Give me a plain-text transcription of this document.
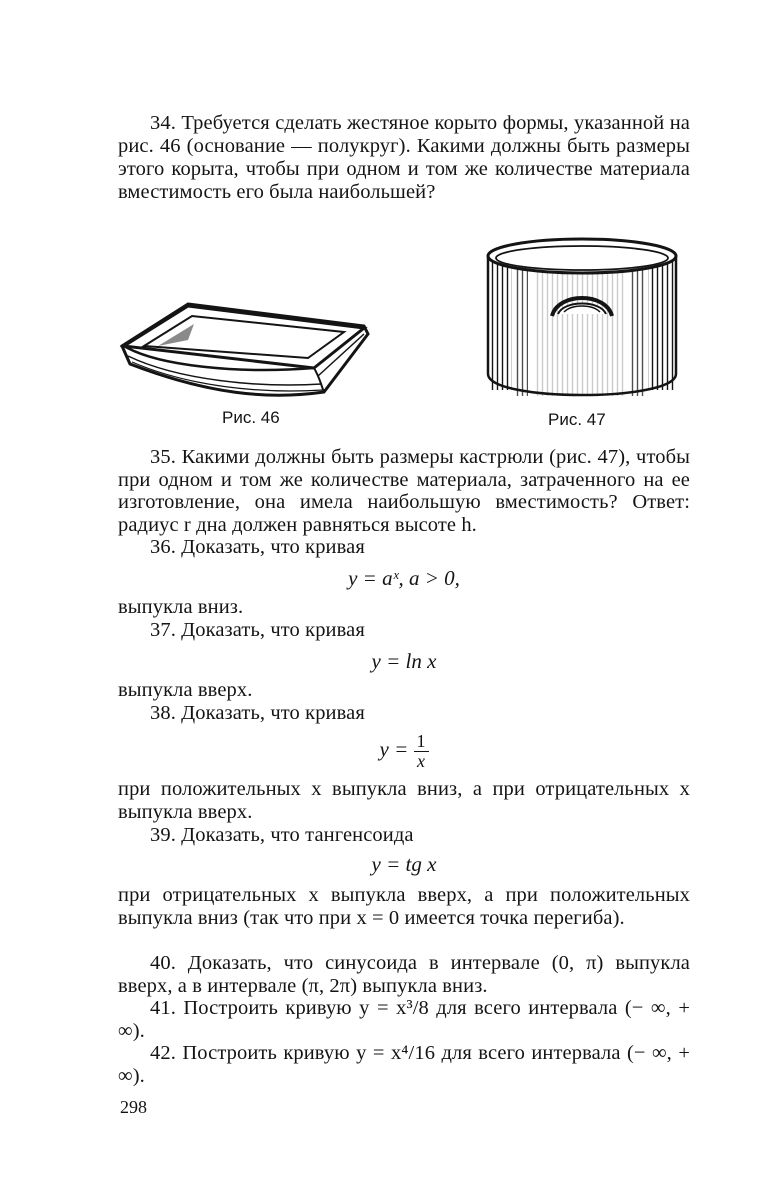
34. Требуется сделать жестяное корыто формы, указанной на рис. 46 (основание — полукруг). Какими должны быть размеры этого корыта, чтобы при одном и том же количестве материала вместимость его была наибольшей?

Рис. 46	Рис. 47

35. Какими должны быть размеры кастрюли (рис. 47), чтобы при одном и том же количестве материала, затраченного на ее изготовление, она имела наибольшую вместимость? Ответ: радиус r дна должен равняться высоте h.

36. Доказать, что кривая

y = aˣ, a > 0,

выпукла вниз.

37. Доказать, что кривая

y = ln x

выпукла вверх.

38. Доказать, что кривая

$y = \frac{1}{x}$

при положительных x выпукла вниз, а при отрицательных x выпукла вверх.

39. Доказать, что тангенсоида

y = tg x

при отрицательных x выпукла вверх, а при положительных выпукла вниз (так что при x = 0 имеется точка перегиба).

40. Доказать, что синусоида в интервале (0, π) выпукла вверх, а в интервале (π, 2π) выпукла вниз.

41. Построить кривую y = x³/8 для всего интервала (− ∞, + ∞).

42. Построить кривую y = x⁴/16 для всего интервала (− ∞, + ∞).

298
